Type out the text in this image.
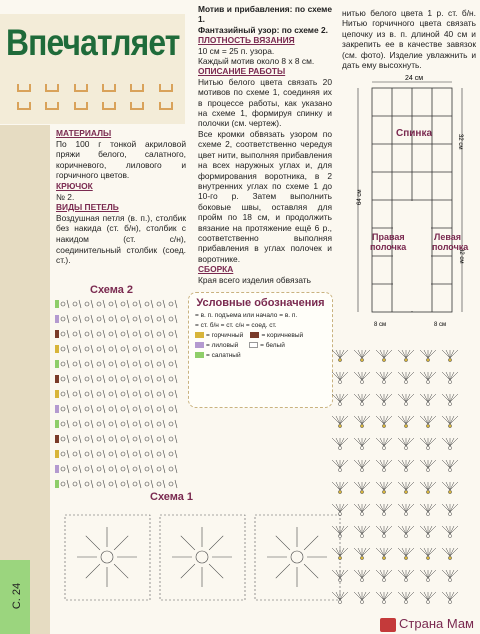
Впечатляет
С. 24
МАТЕРИАЛЫ
По 100 г тонкой акриловой пряжи белого, салатного, коричневого, лилового и горчичного цветов.
КРЮЧОК
№ 2.
ВИДЫ ПЕТЕЛЬ
Воздушная петля (в. п.), столбик без накида (ст. б/н), столбик с накидом (ст. с/н), соединительный столбик (соед. ст.).
Мотив и прибавления: по схеме 1.
Фантазийный узор: по схеме 2.
ПЛОТНОСТЬ ВЯЗАНИЯ
10 см = 25 п. узора.
Каждый мотив около 8 х 8 см.
ОПИСАНИЕ РАБОТЫ
Нитью белого цвета связать 20 мотивов по схеме 1, соединяя их в процессе работы, как указано на схеме 1, формируя спинку и полочки (см. чертеж).
Все кромки обвязать узором по схеме 2, соответственно чередуя цвет нити, выполняя прибавления на всех наружных углах и, для формирования воротника, в 2 внутренних углах по схеме 1 до 10-го р. Затем выполнить боковые швы, оставляя для пройм по 18 см, и продолжить вязание на протяжение ещё 6 р., соответственно выполняя прибавления в углах полочек и воротнике.
СБОРКА
Края всего изделия обвязать
нитью белого цвета 1 р. ст. б/н. Нитью горчичного цвета связать цепочку из в. п. длиной 40 см и закрепить ее в качестве завязок (см. фото). Изделие увлажнить и дать ему высохнуть.
24 см
64 см
32 см
32 см
Спинка
Правая
полочка
Левая
полочка
8 см	8 см
Схема 2
Условные обозначения
= в. п. подъема или начало = в. п.
= ст. б/н = ст. с/н = соед. ст.
= горчичный	= коричневый
= лиловый	= белый
= салатный
Схема 1
Страна Мам
